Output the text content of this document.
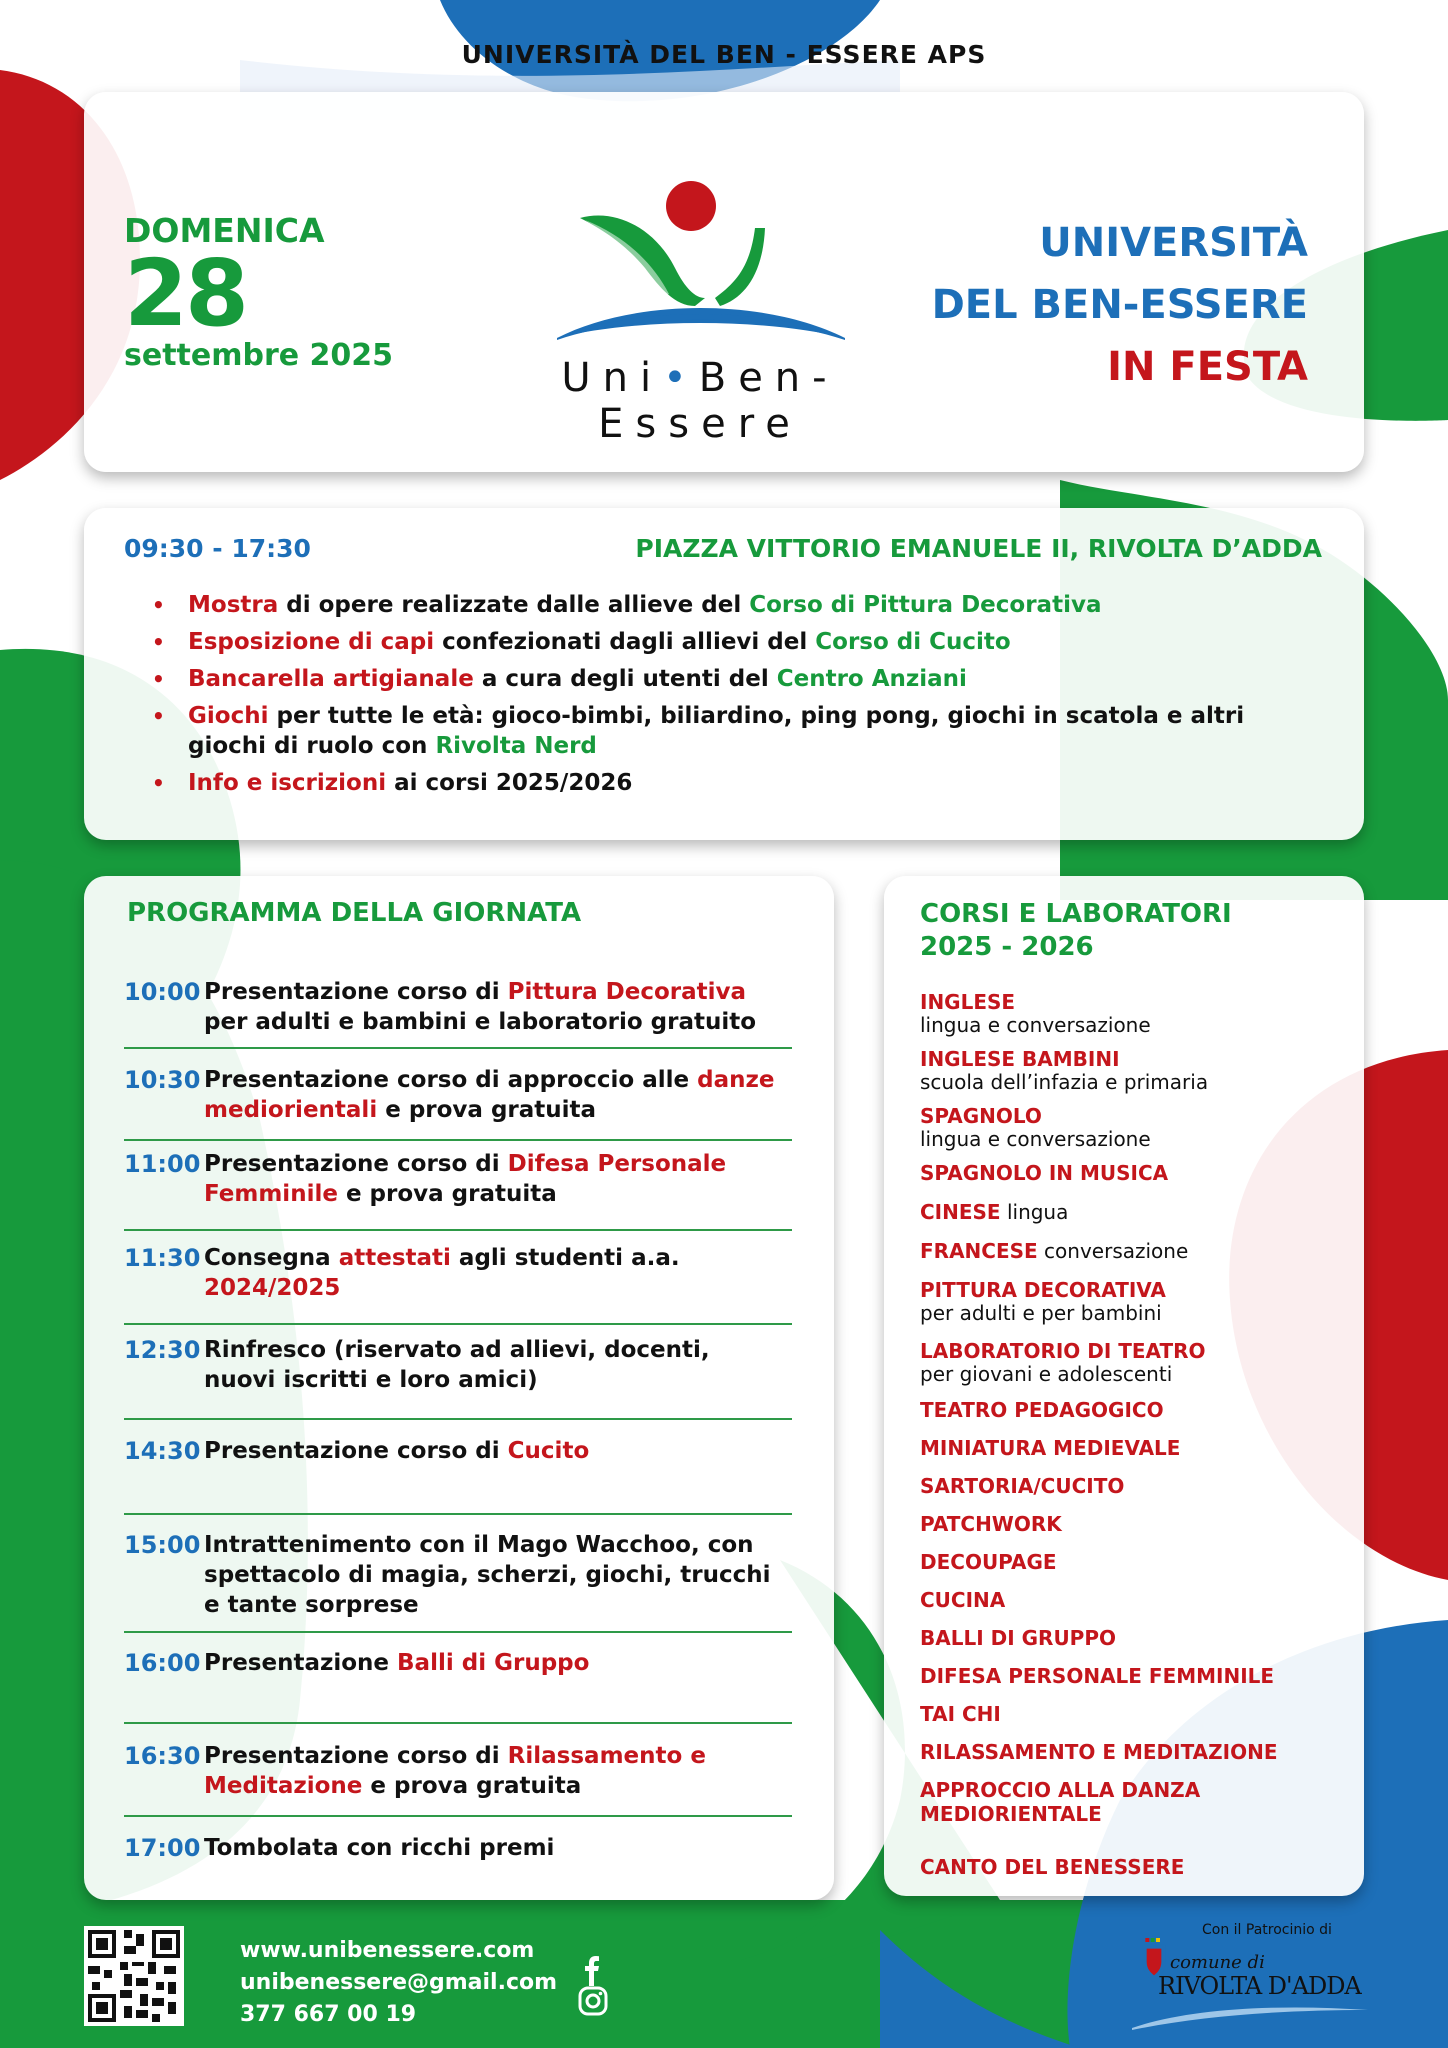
UNIVERSITÀ DEL BEN - ESSERE APS
DOMENICA
28
settembre 2025	Uni•Ben-Essere
UNIVERSITÀ
DEL BEN-ESSERE
IN FESTA
09:30 - 17:30	PIAZZA VITTORIO EMANUELE II, RIVOLTA D’ADDA
• Mostra di opere realizzate dalle allieve del Corso di Pittura Decorativa
• Esposizione di capi confezionati dagli allievi del Corso di Cucito
• Bancarella artigianale a cura degli utenti del Centro Anziani
• Giochi per tutte le età: gioco-bimbi, biliardino, ping pong, giochi in scatola e altri giochi di ruolo con Rivolta Nerd
• Info e iscrizioni ai corsi 2025/2026
PROGRAMMA DELLA GIORNATA
10:00 Presentazione corso di Pittura Decorativa per adulti e bambini e laboratorio gratuito
10:30 Presentazione corso di approccio alle danze mediorientali e prova gratuita
11:00 Presentazione corso di Difesa Personale Femminile e prova gratuita
11:30 Consegna attestati agli studenti a.a. 2024/2025
12:30 Rinfresco (riservato ad allievi, docenti, nuovi iscritti e loro amici)
14:30 Presentazione corso di Cucito
15:00 Intrattenimento con il Mago Wacchoo, con spettacolo di magia, scherzi, giochi, trucchi e tante sorprese
16:00 Presentazione Balli di Gruppo
16:30 Presentazione corso di Rilassamento e Meditazione e prova gratuita
17:00 Tombolata con ricchi premi
CORSI E LABORATORI
2025 - 2026
INGLESE
lingua e conversazione
INGLESE BAMBINI
scuola dell’infazia e primaria
SPAGNOLO
lingua e conversazione
SPAGNOLO IN MUSICA
CINESE lingua
FRANCESE conversazione
PITTURA DECORATIVA
per adulti e per bambini
LABORATORIO DI TEATRO
per giovani e adolescenti
TEATRO PEDAGOGICO
MINIATURA MEDIEVALE
SARTORIA/CUCITO
PATCHWORK
DECOUPAGE
CUCINA
BALLI DI GRUPPO
DIFESA PERSONALE FEMMINILE
TAI CHI
RILASSAMENTO E MEDITAZIONE
APPROCCIO ALLA DANZA MEDIORIENTALE
CANTO DEL BENESSERE
www.unibenessere.com
unibenessere@gmail.com
377 667 00 19
Con il Patrocinio di
comune di
RIVOLTA D'ADDA
